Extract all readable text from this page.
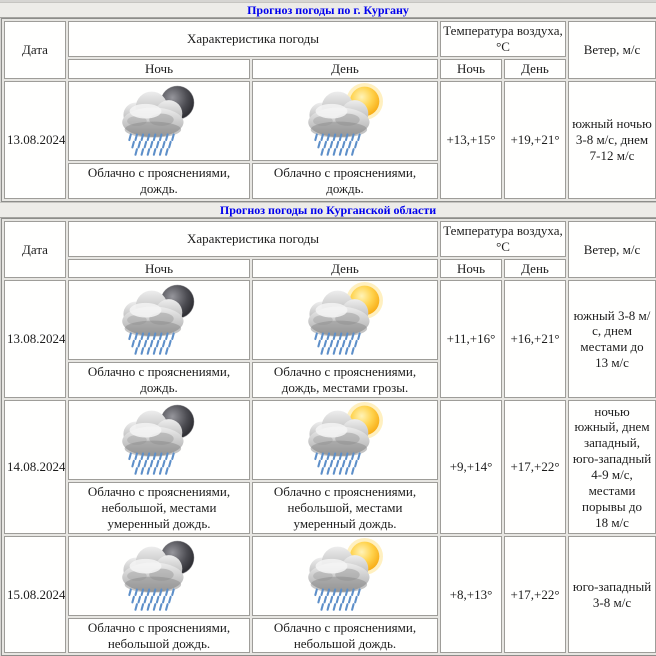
Прогноз погоды по г. Кургану
Дата	Характеристика погоды		Температура воздуха, °С		Ветер, м/с
	Ночь	День	Ночь	День	
13.08.2024			+13,+15°	+19,+21°	южный ночью 3-8 м/с, днем 7-12 м/с
	Облачно с прояснениями, дождь.	Облачно с прояснениями, дождь.			
Прогноз погоды по Курганской области
Дата	Характеристика погоды		Температура воздуха, °С		Ветер, м/с
	Ночь	День	Ночь	День	
13.08.2024			+11,+16°	+16,+21°	южный 3-8 м/с, днем местами до 13 м/с
	Облачно с прояснениями, дождь.	Облачно с прояснениями, дождь, местами грозы.			
14.08.2024			+9,+14°	+17,+22°	ночью южный, днем западный, юго-западный 4-9 м/с, местами порывы до 18 м/с
	Облачно с прояснениями, небольшой, местами умеренный дождь.	Облачно с прояснениями, небольшой, местами умеренный дождь.			
15.08.2024			+8,+13°	+17,+22°	юго-западный 3-8 м/с
	Облачно с прояснениями, небольшой дождь.	Облачно с прояснениями, небольшой дождь.			
